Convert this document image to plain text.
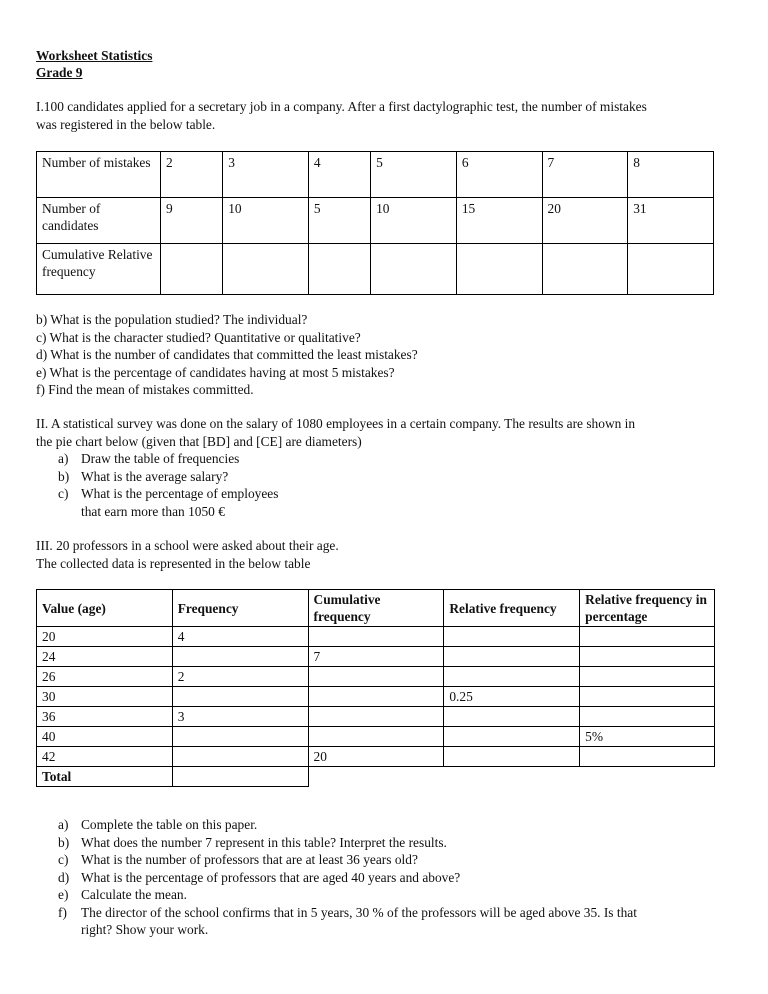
Worksheet Statistics
Grade 9

I.100 candidates applied for a secretary job in a company. After a first dactylographic test, the number of mistakes

was registered in the below table.

Number of mistakes	2	3	4	5	6	7	8
Number of candidates	9	10	5	10	15	20	31
Cumulative Relative frequency							

b) What is the population studied? The individual?

c) What is the character studied? Quantitative or qualitative?

d) What is the number of candidates that committed the least mistakes?

e) What is the percentage of candidates having at most 5 mistakes?

f) Find the mean of mistakes committed.

II. A statistical survey was done on the salary of 1080 employees in a certain company. The results are shown in

the pie chart below (given that [BD] and [CE] are diameters)

a) Draw the table of frequencies
b) What is the average salary?
c) What is the percentage of employees
that earn more than 1050 €

III. 20 professors in a school were asked about their age.

The collected data is represented in the below table

Value (age)	Frequency	Cumulative frequency	Relative frequency	Relative frequency in percentage
20	4			
24		7		
26	2			
30			0.25	
36	3			
40				5%
42		20		
Total				
a) Complete the table on this paper.
b) What does the number 7 represent in this table? Interpret the results.
c) What is the number of professors that are at least 36 years old?
d) What is the percentage of professors that are aged 40 years and above?
e) Calculate the mean.
f) The director of the school confirms that in 5 years, 30 % of the professors will be aged above 35. Is that
right? Show your work.
